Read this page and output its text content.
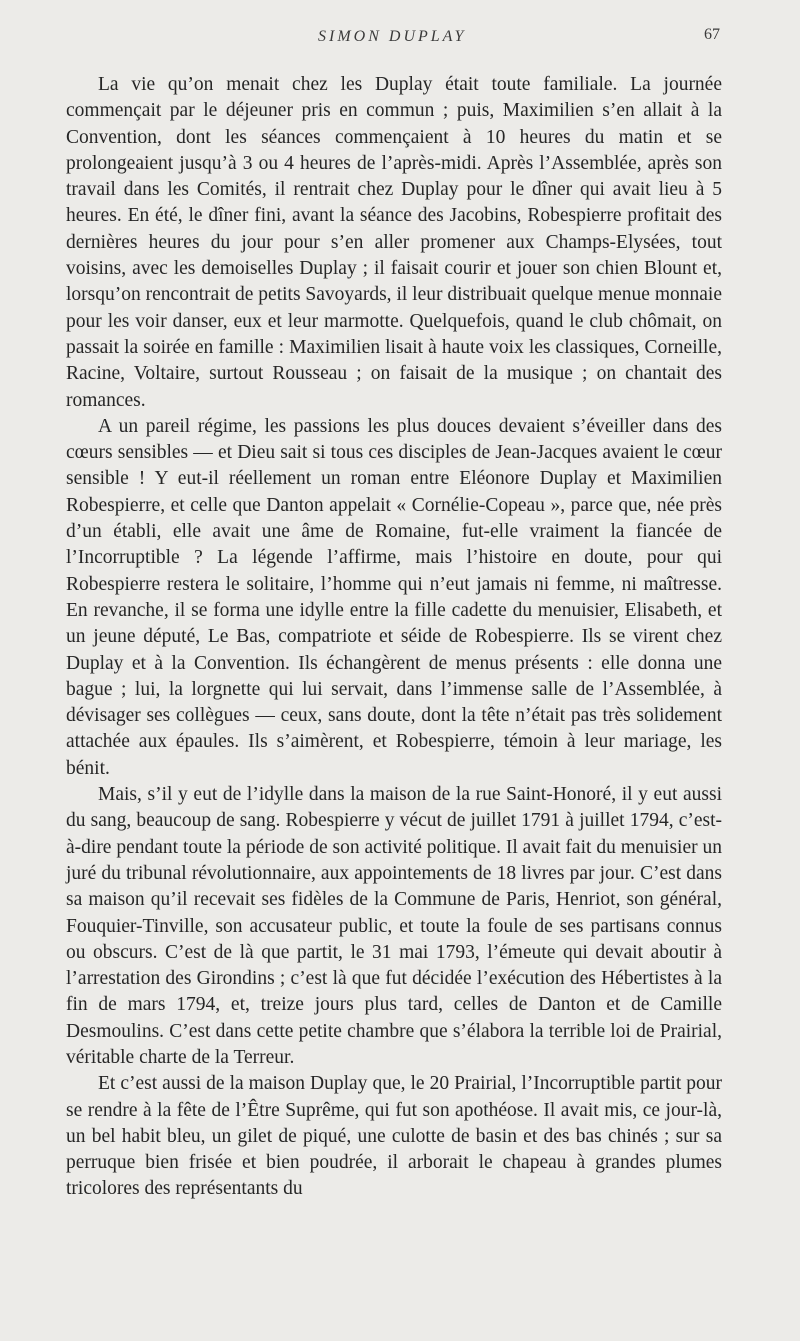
SIMON DUPLAY	67

La vie qu’on menait chez les Duplay était toute familiale. La journée commençait par le déjeuner pris en commun ; puis, Maximilien s’en allait à la Convention, dont les séances commençaient à 10 heures du matin et se prolongeaient jusqu’à 3 ou 4 heures de l’après-midi. Après l’Assemblée, après son travail dans les Comités, il rentrait chez Duplay pour le dîner qui avait lieu à 5 heures. En été, le dîner fini, avant la séance des Jacobins, Robespierre profitait des dernières heures du jour pour s’en aller promener aux Champs-Elysées, tout voisins, avec les demoiselles Duplay ; il faisait courir et jouer son chien Blount et, lorsqu’on rencontrait de petits Savoyards, il leur distribuait quelque menue monnaie pour les voir danser, eux et leur marmotte. Quelquefois, quand le club chômait, on passait la soirée en famille : Maximilien lisait à haute voix les classiques, Corneille, Racine, Voltaire, surtout Rousseau ; on faisait de la musique ; on chantait des romances.

A un pareil régime, les passions les plus douces devaient s’éveiller dans des cœurs sensibles — et Dieu sait si tous ces disciples de Jean-Jacques avaient le cœur sensible ! Y eut-il réellement un roman entre Eléonore Duplay et Maximilien Robespierre, et celle que Danton appelait « Cornélie-Copeau », parce que, née près d’un établi, elle avait une âme de Romaine, fut-elle vraiment la fiancée de l’Incorruptible ? La légende l’affirme, mais l’histoire en doute, pour qui Robespierre restera le solitaire, l’homme qui n’eut jamais ni femme, ni maîtresse. En revanche, il se forma une idylle entre la fille cadette du menuisier, Elisabeth, et un jeune député, Le Bas, compatriote et séide de Robespierre. Ils se virent chez Duplay et à la Convention. Ils échangèrent de menus présents : elle donna une bague ; lui, la lorgnette qui lui servait, dans l’immense salle de l’Assemblée, à dévisager ses collègues — ceux, sans doute, dont la tête n’était pas très solidement attachée aux épaules. Ils s’aimèrent, et Robespierre, témoin à leur mariage, les bénit.

Mais, s’il y eut de l’idylle dans la maison de la rue Saint-Honoré, il y eut aussi du sang, beaucoup de sang. Robespierre y vécut de juillet 1791 à juillet 1794, c’est-à-dire pendant toute la période de son activité politique. Il avait fait du menuisier un juré du tribunal révolutionnaire, aux appointements de 18 livres par jour. C’est dans sa maison qu’il recevait ses fidèles de la Commune de Paris, Henriot, son général, Fouquier-Tinville, son accusateur public, et toute la foule de ses partisans connus ou obscurs. C’est de là que partit, le 31 mai 1793, l’émeute qui devait aboutir à l’arrestation des Girondins ; c’est là que fut décidée l’exécution des Hébertistes à la fin de mars 1794, et, treize jours plus tard, celles de Danton et de Camille Desmoulins. C’est dans cette petite chambre que s’élabora la terrible loi de Prairial, véritable charte de la Terreur.

Et c’est aussi de la maison Duplay que, le 20 Prairial, l’Incorruptible partit pour se rendre à la fête de l’Être Suprême, qui fut son apothéose. Il avait mis, ce jour-là, un bel habit bleu, un gilet de piqué, une culotte de basin et des bas chinés ; sur sa perruque bien frisée et bien poudrée, il arborait le chapeau à grandes plumes tricolores des représentants du
